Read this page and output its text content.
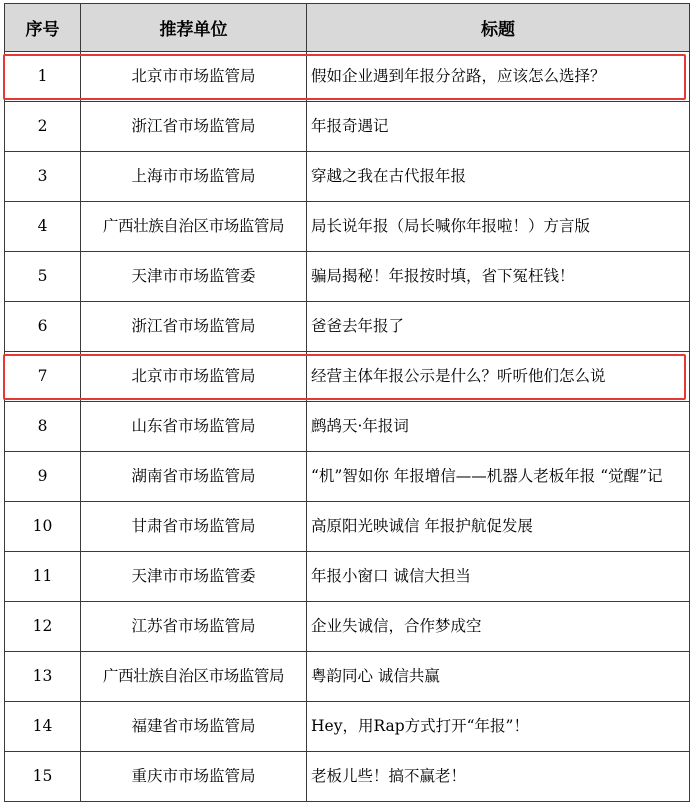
序号	推荐单位	标题
1	北京市市场监管局	假如企业遇到年报分岔路，应该怎么选择？
2	浙江省市场监管局	年报奇遇记
3	上海市市场监管局	穿越之我在古代报年报
4	广西壮族自治区市场监管局	局长说年报（局长喊你年报啦！）方言版
5	天津市市场监管委	骗局揭秘！年报按时填，省下冤枉钱！
6	浙江省市场监管局	爸爸去年报了
7	北京市市场监管局	经营主体年报公示是什么？听听他们怎么说
8	山东省市场监管局	鹧鸪天·年报词
9	湖南省市场监管局	“机”智如你 年报增信——机器人老板年报 “觉醒”记
10	甘肃省市场监管局	高原阳光映诚信 年报护航促发展
11	天津市市场监管委	年报小窗口 诚信大担当
12	江苏省市场监管局	企业失诚信，合作梦成空
13	广西壮族自治区市场监管局	粤韵同心 诚信共赢
14	福建省市场监管局	Hey，用Rap方式打开“年报”！
15	重庆市市场监管局	老板儿些！搞不赢老！
